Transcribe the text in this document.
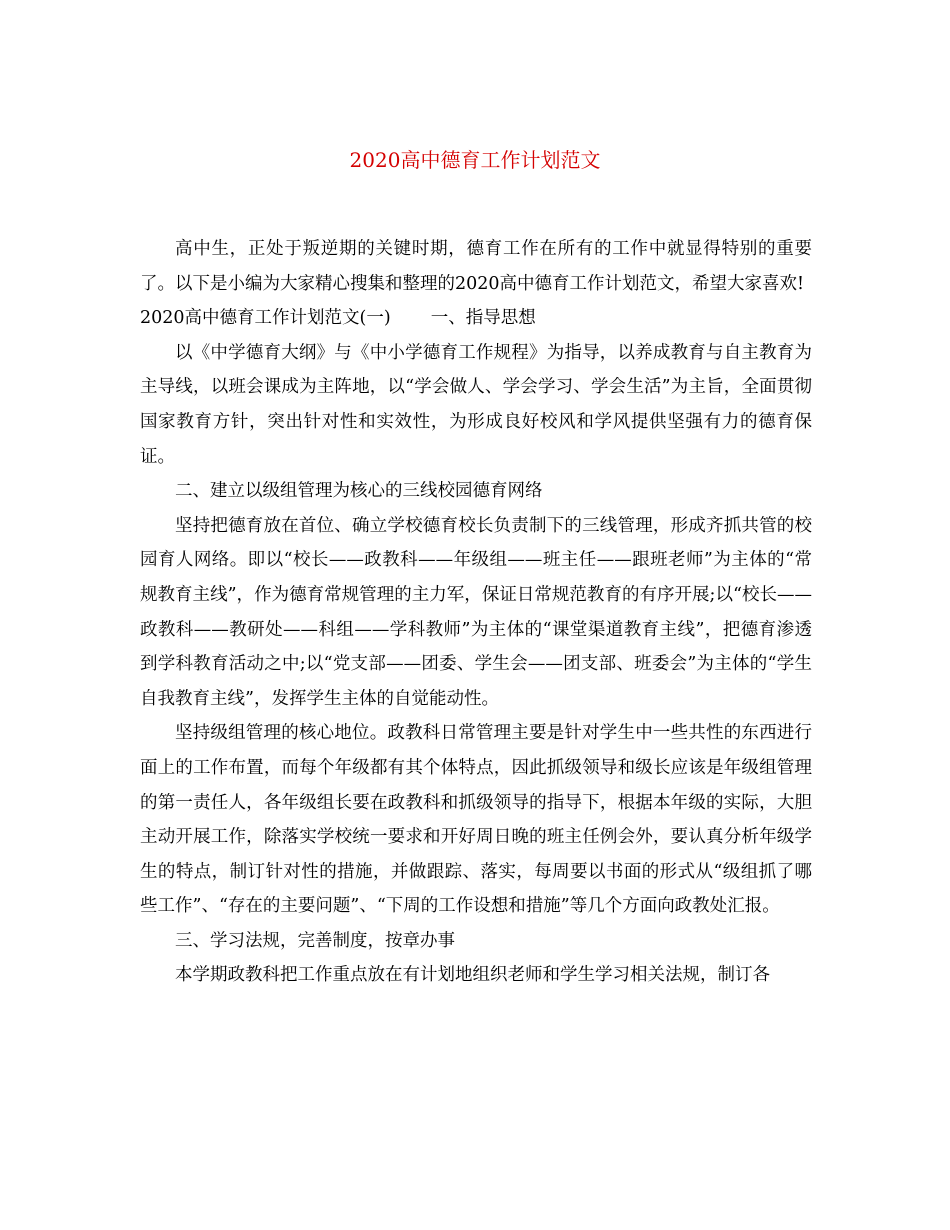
2020高中德育工作计划范文

高中生，正处于叛逆期的关键时期，德育工作在所有的工作中就显得特别的重要了。以下是小编为大家精心搜集和整理的2020高中德育工作计划范文，希望大家喜欢!

2020高中德育工作计划范文(一) 一、指导思想

以《中学德育大纲》与《中小学德育工作规程》为指导，以养成教育与自主教育为主导线，以班会课成为主阵地，以“学会做人、学会学习、学会生活”为主旨，全面贯彻国家教育方针，突出针对性和实效性，为形成良好校风和学风提供坚强有力的德育保证。

二、建立以级组管理为核心的三线校园德育网络

坚持把德育放在首位、确立学校德育校长负责制下的三线管理，形成齐抓共管的校园育人网络。即以“校长——政教科——年级组——班主任——跟班老师”为主体的“常规教育主线”，作为德育常规管理的主力军，保证日常规范教育的有序开展;以“校长——政教科——教研处——科组——学科教师”为主体的“课堂渠道教育主线”，把德育渗透到学科教育活动之中;以“党支部——团委、学生会——团支部、班委会”为主体的“学生自我教育主线”，发挥学生主体的自觉能动性。

坚持级组管理的核心地位。政教科日常管理主要是针对学生中一些共性的东西进行面上的工作布置，而每个年级都有其个体特点，因此抓级领导和级长应该是年级组管理的第一责任人，各年级组长要在政教科和抓级领导的指导下，根据本年级的实际，大胆主动开展工作，除落实学校统一要求和开好周日晚的班主任例会外，要认真分析年级学生的特点，制订针对性的措施，并做跟踪、落实，每周要以书面的形式从“级组抓了哪些工作”、“存在的主要问题”、“下周的工作设想和措施”等几个方面向政教处汇报。

三、学习法规，完善制度，按章办事

本学期政教科把工作重点放在有计划地组织老师和学生学习相关法规，制订各
